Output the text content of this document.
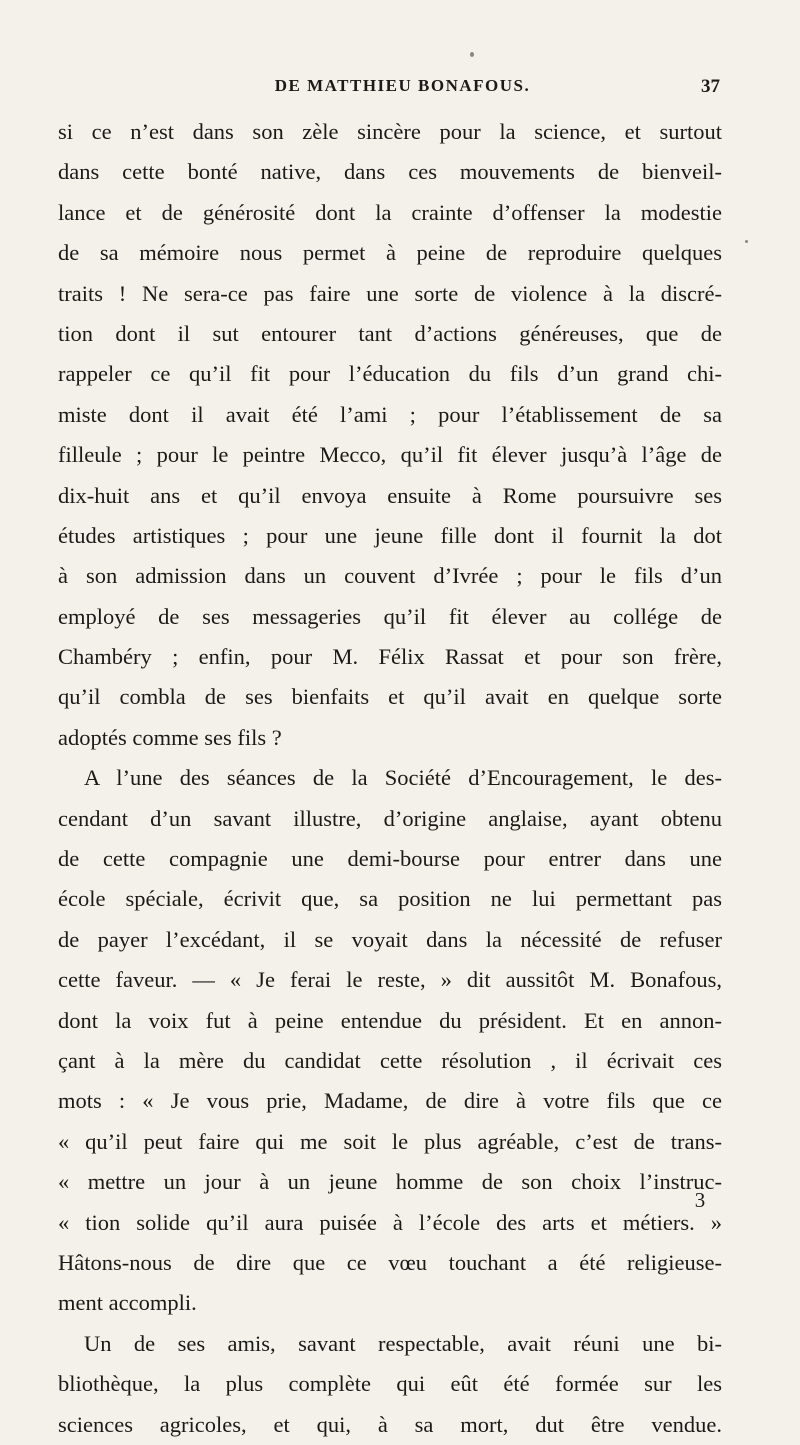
DE MATTHIEU BONAFOUS.	37
si ce n’est dans son zèle sincère pour la science, et surtout
dans cette bonté native, dans ces mouvements de bienveil-
lance et de générosité dont la crainte d’offenser la modestie
de sa mémoire nous permet à peine de reproduire quelques
traits ! Ne sera-ce pas faire une sorte de violence à la discré-
tion dont il sut entourer tant d’actions généreuses, que de
rappeler ce qu’il fit pour l’éducation du fils d’un grand chi-
miste dont il avait été l’ami ; pour l’établissement de sa
filleule ; pour le peintre Mecco, qu’il fit élever jusqu’à l’âge de
dix-huit ans et qu’il envoya ensuite à Rome poursuivre ses
études artistiques ; pour une jeune fille dont il fournit la dot
à son admission dans un couvent d’Ivrée ; pour le fils d’un
employé de ses messageries qu’il fit élever au collége de
Chambéry ; enfin, pour M. Félix Rassat et pour son frère,
qu’il combla de ses bienfaits et qu’il avait en quelque sorte
adoptés comme ses fils ?
A l’une des séances de la Société d’Encouragement, le des-
cendant d’un savant illustre, d’origine anglaise, ayant obtenu
de cette compagnie une demi-bourse pour entrer dans une
école spéciale, écrivit que, sa position ne lui permettant pas
de payer l’excédant, il se voyait dans la nécessité de refuser
cette faveur. — « Je ferai le reste, » dit aussitôt M. Bonafous,
dont la voix fut à peine entendue du président. Et en annon-
çant à la mère du candidat cette résolution , il écrivait ces
mots : « Je vous prie, Madame, de dire à votre fils que ce
« qu’il peut faire qui me soit le plus agréable, c’est de trans-
« mettre un jour à un jeune homme de son choix l’instruc-
« tion solide qu’il aura puisée à l’école des arts et métiers. »
Hâtons-nous de dire que ce vœu touchant a été religieuse-
ment accompli.
Un de ses amis, savant respectable, avait réuni une bi-
bliothèque, la plus complète qui eût été formée sur les
sciences agricoles, et qui, à sa mort, dut être vendue.
3
